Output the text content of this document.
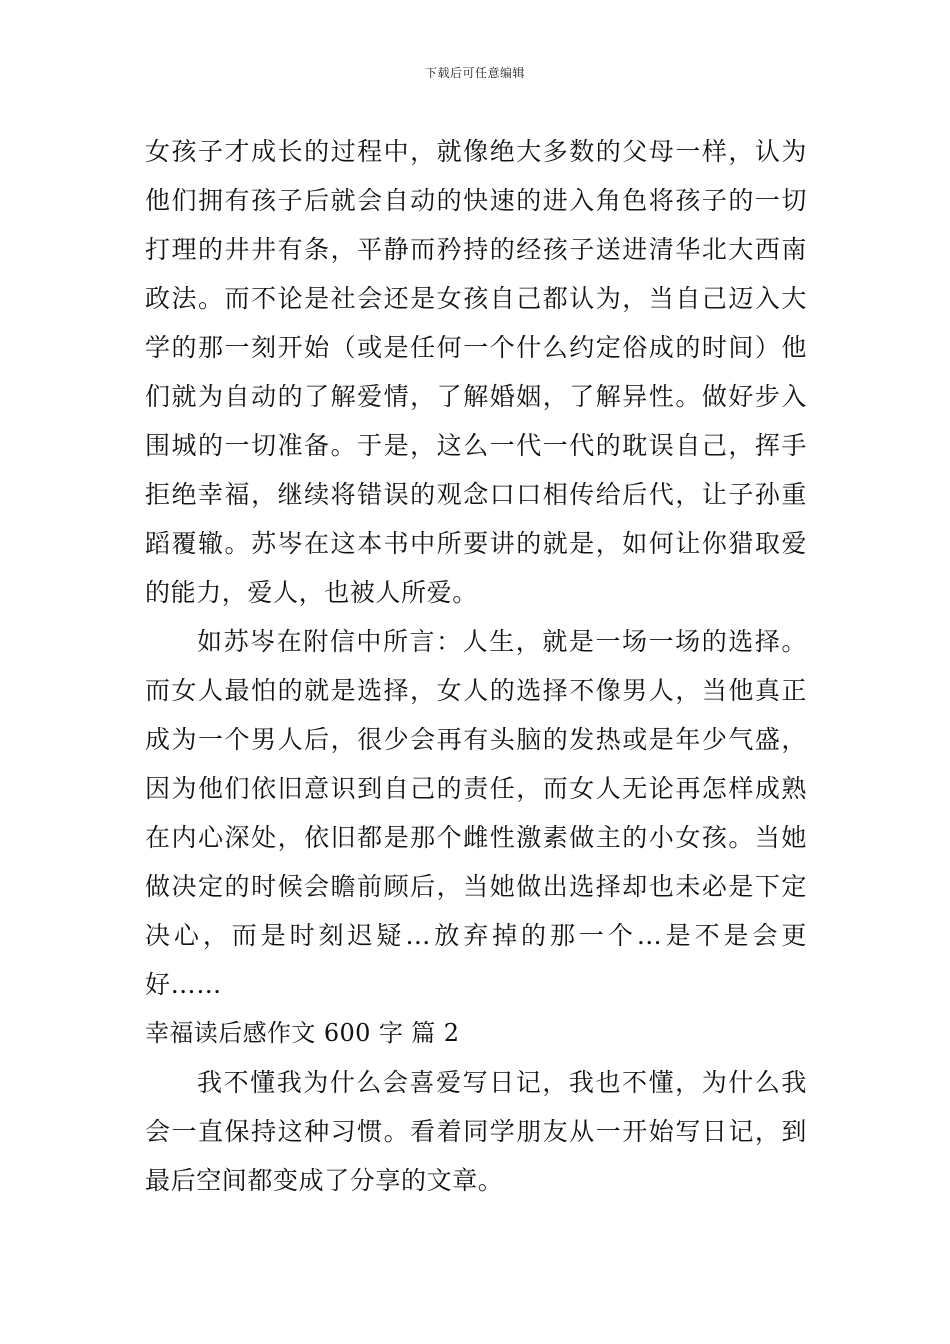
下载后可任意编辑

女孩子才成长的过程中，就像绝大多数的父母一样，认为他们拥有孩子后就会自动的快速的进入角色将孩子的一切打理的井井有条，平静而矜持的经孩子送进清华北大西南政法。而不论是社会还是女孩自己都认为，当自己迈入大学的那一刻开始（或是任何一个什么约定俗成的时间）他们就为自动的了解爱情，了解婚姻，了解异性。做好步入围城的一切准备。于是，这么一代一代的耽误自己，挥手拒绝幸福，继续将错误的观念口口相传给后代，让子孙重蹈覆辙。苏岑在这本书中所要讲的就是，如何让你猎取爱的能力，爱人，也被人所爱。

如苏岑在附信中所言：人生，就是一场一场的选择。而女人最怕的就是选择，女人的选择不像男人，当他真正成为一个男人后，很少会再有头脑的发热或是年少气盛，因为他们依旧意识到自己的责任，而女人无论再怎样成熟在内心深处，依旧都是那个雌性激素做主的小女孩。当她做决定的时候会瞻前顾后，当她做出选择却也未必是下定决心，而是时刻迟疑…放弃掉的那一个…是不是会更好……

幸福读后感作文 600 字 篇 2

我不懂我为什么会喜爱写日记，我也不懂，为什么我会一直保持这种习惯。看着同学朋友从一开始写日记，到最后空间都变成了分享的文章。
